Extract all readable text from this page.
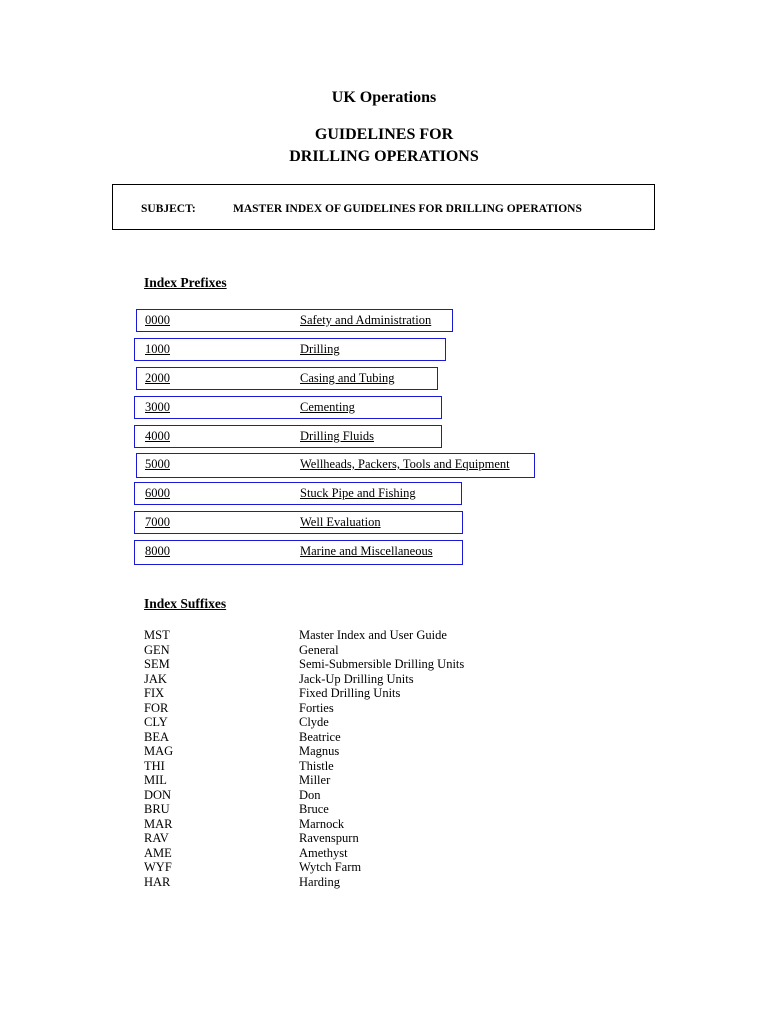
UK Operations
GUIDELINES FOR
DRILLING OPERATIONS
SUBJECT:	MASTER INDEX OF GUIDELINES FOR DRILLING OPERATIONS
Index Prefixes
0000	Safety and Administration
1000	Drilling
2000	Casing and Tubing
3000	Cementing
4000	Drilling Fluids
5000	Wellheads, Packers, Tools and Equipment
6000	Stuck Pipe and Fishing
7000	Well Evaluation
8000	Marine and Miscellaneous
Index Suffixes
MST	Master Index and User Guide
GEN	General
SEM	Semi-Submersible Drilling Units
JAK	Jack-Up Drilling Units
FIX	Fixed Drilling Units
FOR	Forties
CLY	Clyde
BEA	Beatrice
MAG	Magnus
THI	Thistle
MIL	Miller
DON	Don
BRU	Bruce
MAR	Marnock
RAV	Ravenspurn
AME	Amethyst
WYF	Wytch Farm
HAR	Harding
